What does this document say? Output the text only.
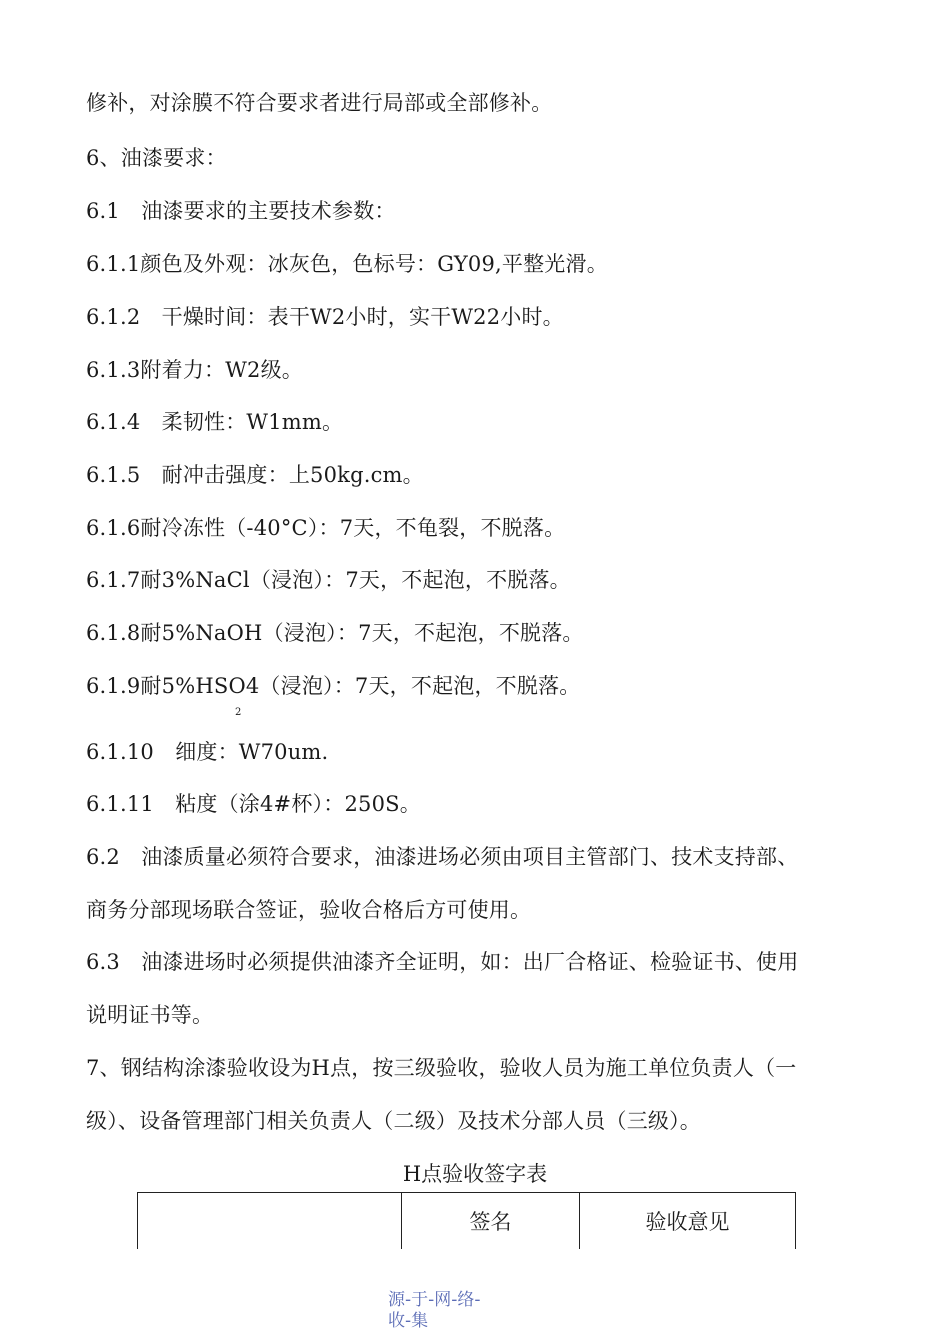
修补，对涂膜不符合要求者进行局部或全部修补。
6、油漆要求：
6.1　油漆要求的主要技术参数：
6.1.1颜色及外观：冰灰色，色标号：GY09,平整光滑。
6.1.2　干燥时间：表干W2小时，实干W22小时。
6.1.3附着力：W2级。
6.1.4　柔韧性：W1mm。
6.1.5　耐冲击强度：上50kg.cm。
6.1.6耐冷冻性（-40°C）：7天，不龟裂，不脱落。
6.1.7耐3%NaCl（浸泡）：7天，不起泡，不脱落。
6.1.8耐5%NaOH（浸泡）：7天，不起泡，不脱落。
6.1.9耐5%HSO4（浸泡）：7天，不起泡，不脱落。
2
6.1.10　细度：W70um.
6.1.11　粘度（涂4#杯）：250S。
6.2　油漆质量必须符合要求，油漆进场必须由项目主管部门、技术支持部、
商务分部现场联合签证，验收合格后方可使用。
6.3　油漆进场时必须提供油漆齐全证明，如：出厂合格证、检验证书、使用
说明证书等。
7、钢结构涂漆验收设为H点，按三级验收，验收人员为施工单位负责人（一
级）、设备管理部门相关负责人（二级）及技术分部人员（三级）。
H点验收签字表
签名	验收意见
源-于-网-络-
收-集
